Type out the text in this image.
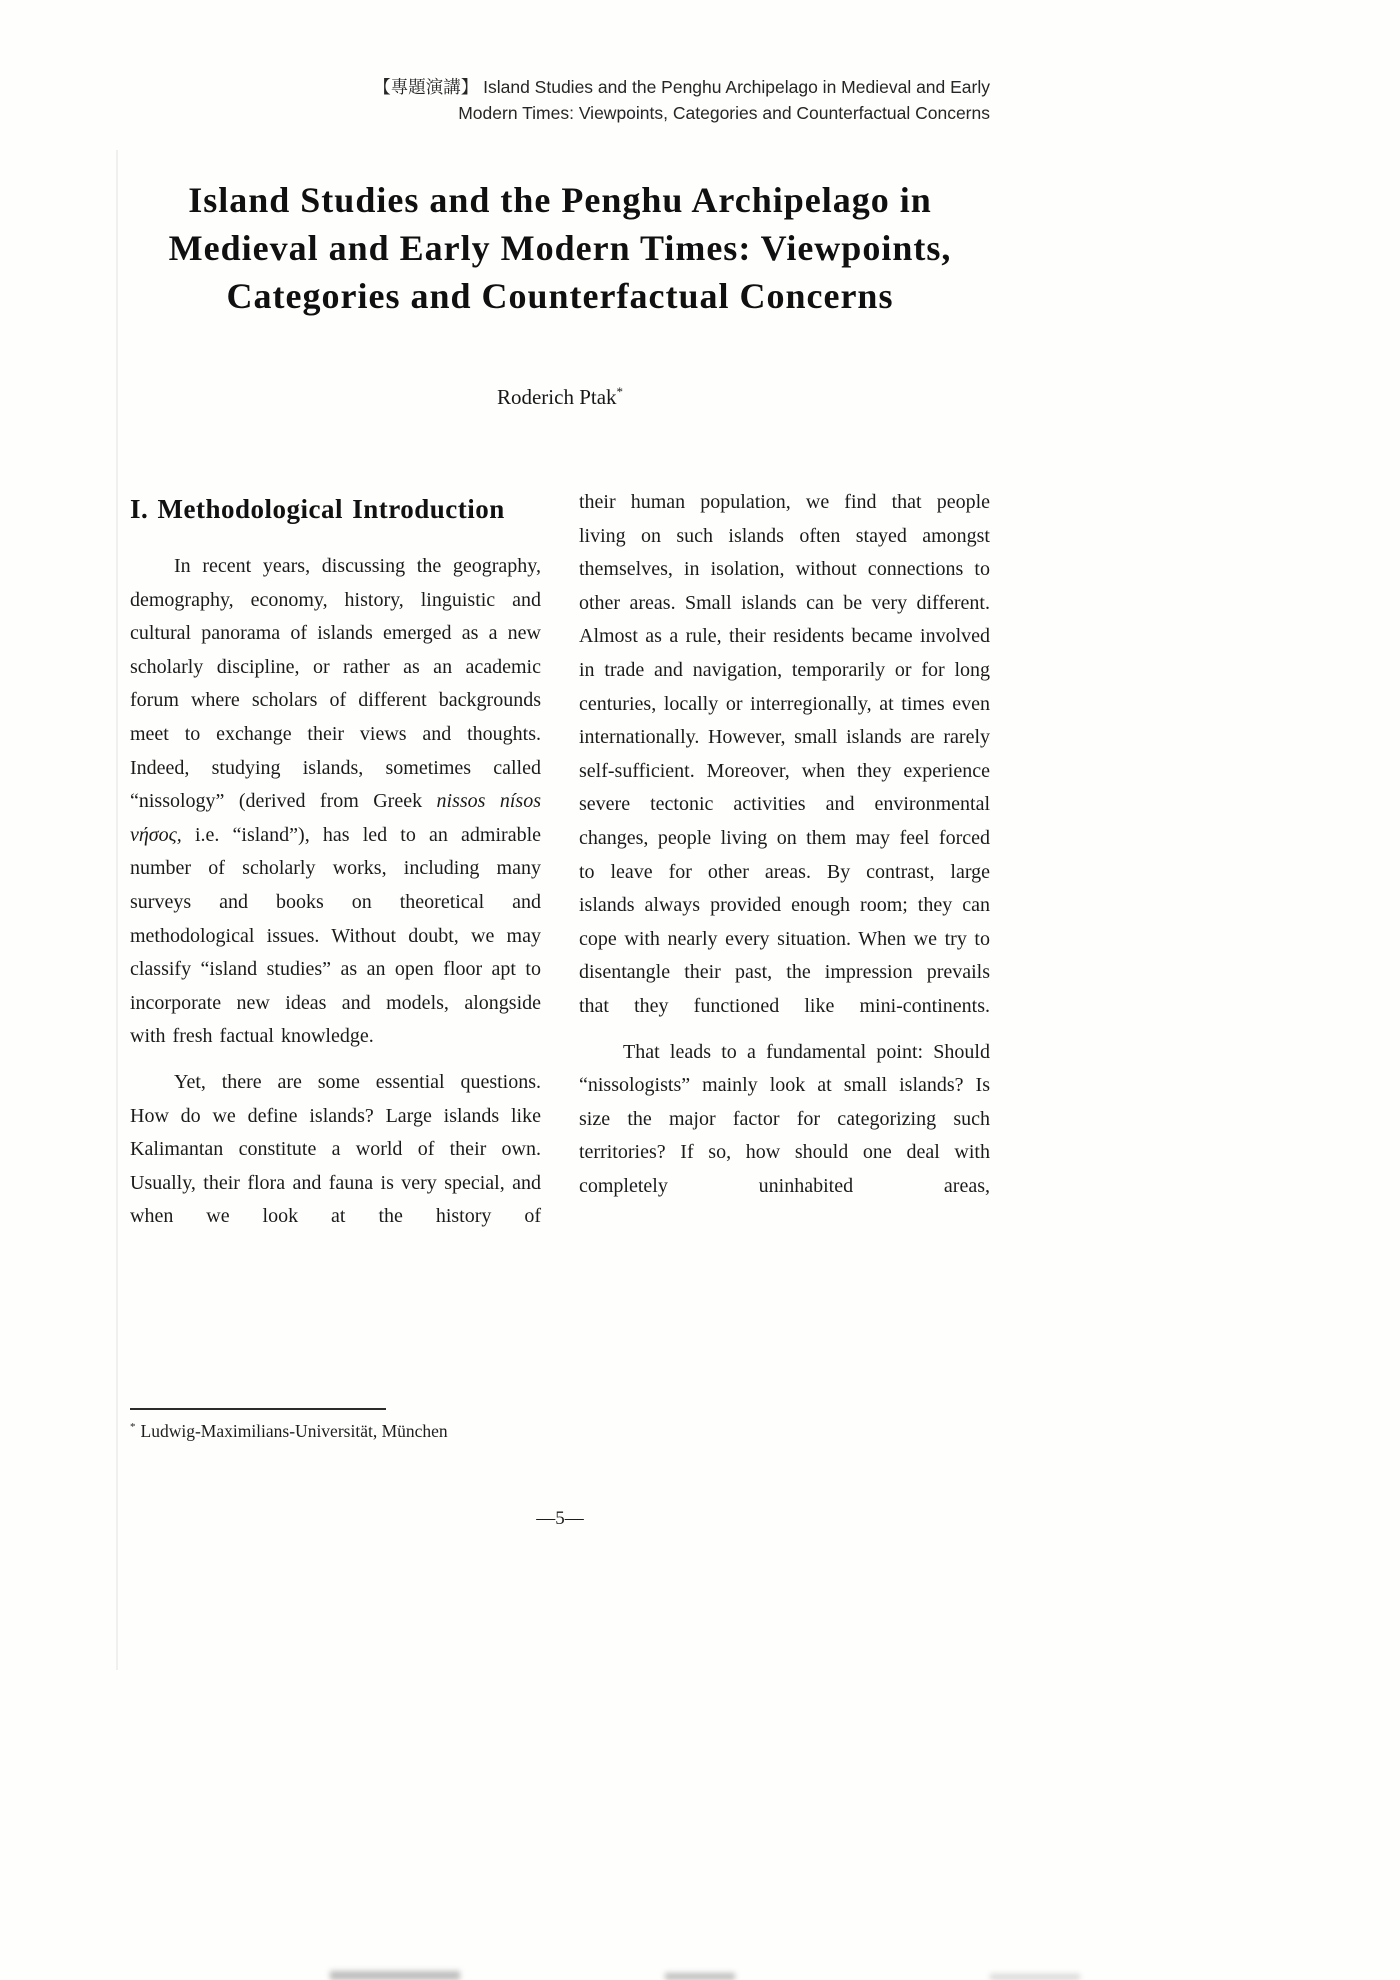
【專題演講】 Island Studies and the Penghu Archipelago in Medieval and Early
Modern Times: Viewpoints, Categories and Counterfactual Concerns
Island Studies and the Penghu Archipelago in
Medieval and Early Modern Times: Viewpoints,
Categories and Counterfactual Concerns
Roderich Ptak*
I. Methodological Introduction

In recent years, discussing the geography, demography, economy, history, linguistic and cultural panorama of islands emerged as a new scholarly discipline, or rather as an academic forum where scholars of different backgrounds meet to exchange their views and thoughts. Indeed, studying islands, sometimes called “nissology” (derived from Greek nissos nísos νήσος, i.e. “island”), has led to an admirable number of scholarly works, including many surveys and books on theoretical and methodological issues. Without doubt, we may classify “island studies” as an open floor apt to incorporate new ideas and models, alongside with fresh factual knowledge.

Yet, there are some essential questions. How do we define islands? Large islands like Kalimantan constitute a world of their own. Usually, their flora and fauna is very special, and when we look at the history of

their human population, we find that people living on such islands often stayed amongst themselves, in isolation, without connections to other areas. Small islands can be very different. Almost as a rule, their residents became involved in trade and navigation, temporarily or for long centuries, locally or interregionally, at times even internationally. However, small islands are rarely self-sufficient. Moreover, when they experience severe tectonic activities and environmental changes, people living on them may feel forced to leave for other areas. By contrast, large islands always provided enough room; they can cope with nearly every situation. When we try to disentangle their past, the impression prevails that they functioned like mini-continents.

That leads to a fundamental point: Should “nissologists” mainly look at small islands? Is size the major factor for categorizing such territories? If so, how should one deal with completely uninhabited areas,

* Ludwig-Maximilians-Universität, München
—5—
